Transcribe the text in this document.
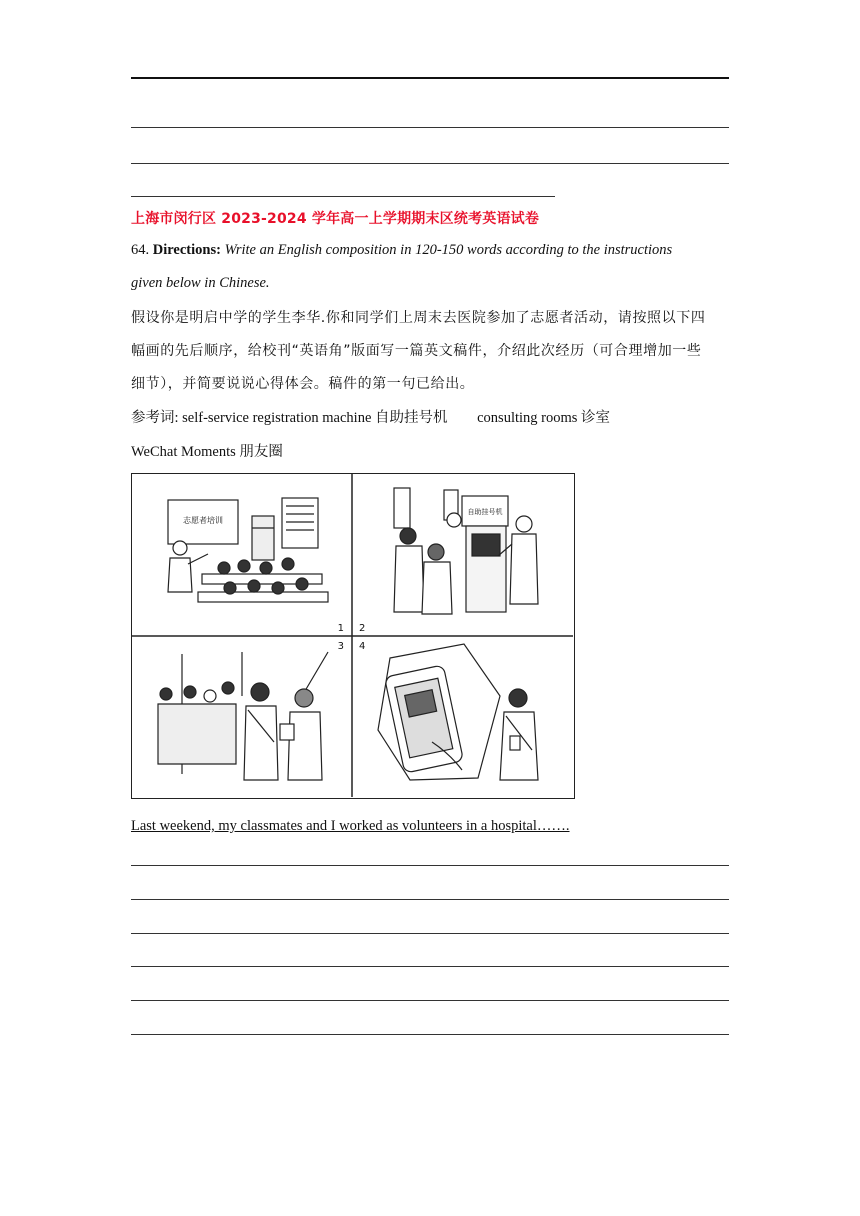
上海市闵行区 2023-2024 学年高一上学期期末区统考英语试卷
64. Directions: Write an English composition in 120-150 words according to the instructions
given below in Chinese.
假设你是明启中学的学生李华.你和同学们上周末去医院参加了志愿者活动，请按照以下四
幅画的先后顺序，给校刊“英语角”版面写一篇英文稿件，介绍此次经历（可合理增加一些
细节），并简要说说心得体会。稿件的第一句已给出。
参考词: self-service registration machine 自助挂号机 consulting rooms 诊室
WeChat Moments 朋友圈
志愿者培训
自助挂号机
1 2
3 4
Last weekend, my classmates and I worked as volunteers in a hospital…….
